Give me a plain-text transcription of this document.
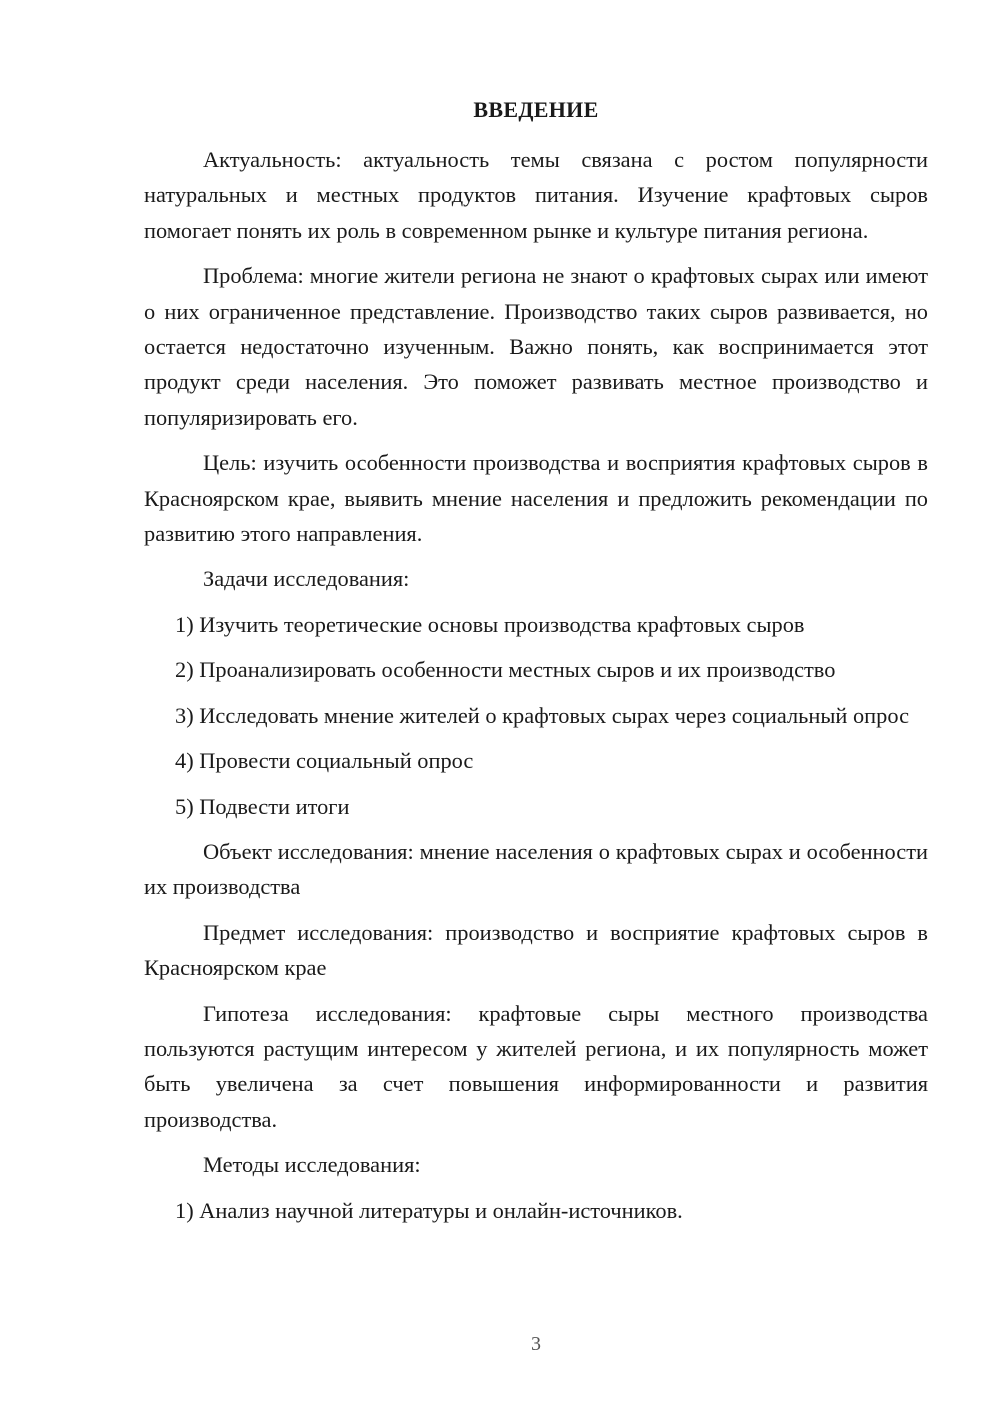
ВВЕДЕНИЕ

Актуальность: актуальность темы связана с ростом популярности натуральных и местных продуктов питания. Изучение крафтовых сыров помогает понять их роль в современном рынке и культуре питания региона.

Проблема: многие жители региона не знают о крафтовых сырах или имеют о них ограниченное представление. Производство таких сыров развивается, но остается недостаточно изученным. Важно понять, как воспринимается этот продукт среди населения. Это поможет развивать местное производство и популяризировать его.

Цель: изучить особенности производства и восприятия крафтовых сыров в Красноярском крае, выявить мнение населения и предложить рекомендации по развитию этого направления.

Задачи исследования:

1) Изучить теоретические основы производства крафтовых сыров

2) Проанализировать особенности местных сыров и их производство

3) Исследовать мнение жителей о крафтовых сырах через социальный опрос

4) Провести социальный опрос

5) Подвести итоги

Объект исследования: мнение населения о крафтовых сырах и особенности их производства

Предмет исследования: производство и восприятие крафтовых сыров в Красноярском крае

Гипотеза исследования: крафтовые сыры местного производства пользуются растущим интересом у жителей региона, и их популярность может быть увеличена за счет повышения информированности и развития производства.

Методы исследования:

1) Анализ научной литературы и онлайн-источников.

3
